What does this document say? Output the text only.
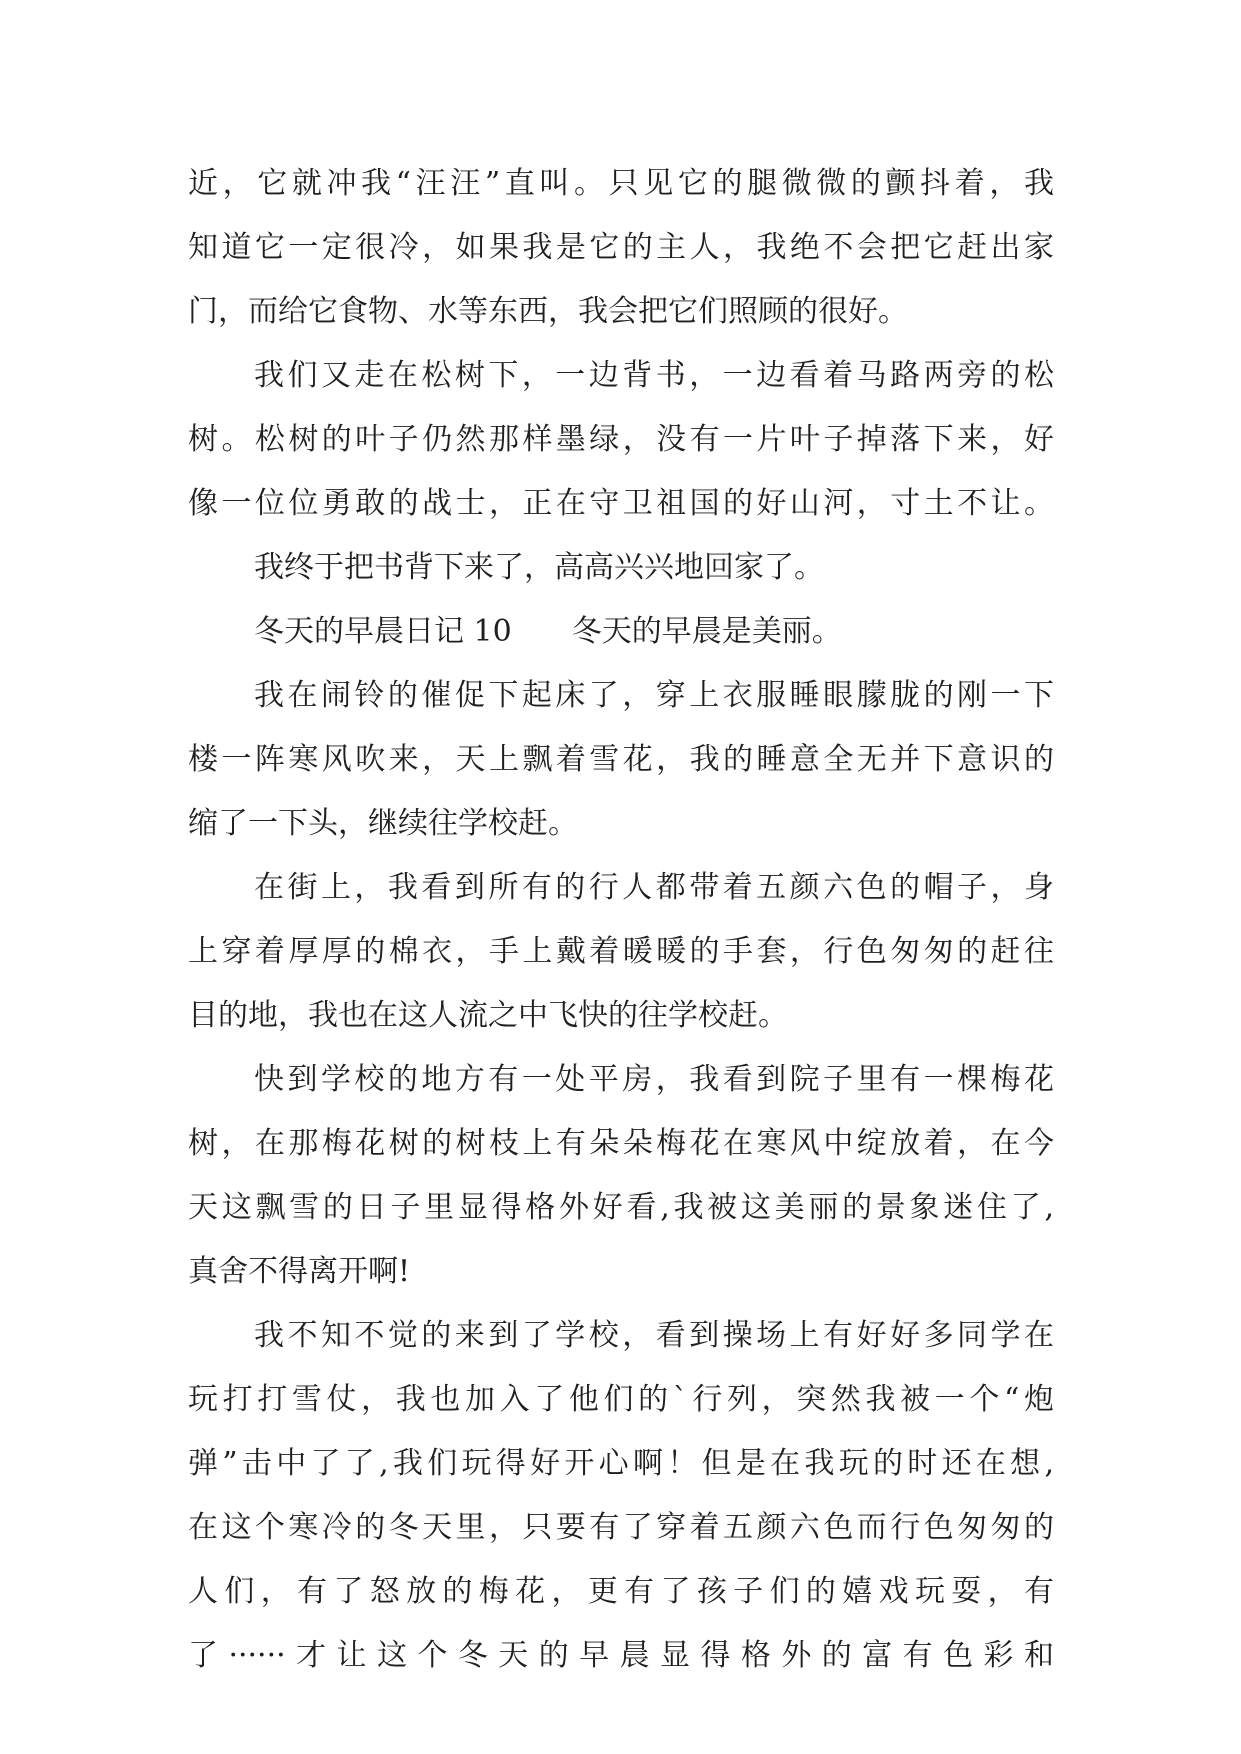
近，它就冲我“汪汪”直叫。只见它的腿微微的颤抖着，我
知道它一定很冷，如果我是它的主人，我绝不会把它赶出家
门，而给它食物、水等东西，我会把它们照顾的很好。
我们又走在松树下，一边背书，一边看着马路两旁的松
树。松树的叶子仍然那样墨绿，没有一片叶子掉落下来，好
像一位位勇敢的战士，正在守卫祖国的好山河，寸土不让。
我终于把书背下来了，高高兴兴地回家了。
冬天的早晨日记 10　　冬天的早晨是美丽。
我在闹铃的催促下起床了，穿上衣服睡眼朦胧的刚一下
楼一阵寒风吹来，天上飘着雪花，我的睡意全无并下意识的
缩了一下头，继续往学校赶。
在街上，我看到所有的行人都带着五颜六色的帽子，身
上穿着厚厚的棉衣，手上戴着暖暖的手套，行色匆匆的赶往
目的地，我也在这人流之中飞快的往学校赶。
快到学校的地方有一处平房，我看到院子里有一棵梅花
树，在那梅花树的树枝上有朵朵梅花在寒风中绽放着，在今
天这飘雪的日子里显得格外好看,我被这美丽的景象迷住了,
真舍不得离开啊!
我不知不觉的来到了学校，看到操场上有好好多同学在
玩打打雪仗，我也加入了他们的`行列，突然我被一个“炮
弹”击中了了,我们玩得好开心啊！但是在我玩的时还在想,
在这个寒冷的冬天里，只要有了穿着五颜六色而行色匆匆的
人们，有了怒放的梅花，更有了孩子们的嬉戏玩耍，有
了······才让这个冬天的早晨显得格外的富有色彩和
